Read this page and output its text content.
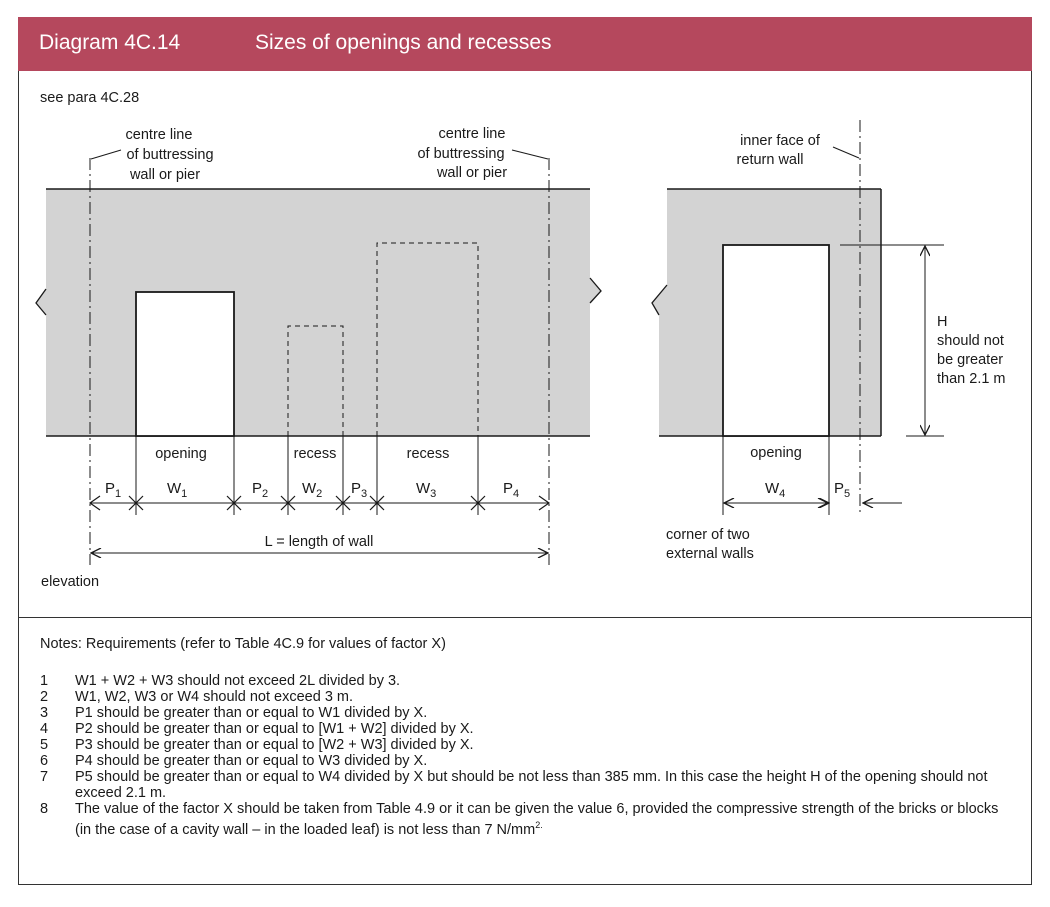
Diagram 4C.14	Sizes of openings and recesses
see para 4C.28
centre line of buttressing wall or pier
centre line of buttressing wall or pier
opening	recess	recess
$P_1$	$W_1$	$P_2$ $W_2$ $P_3$	$W_3$	$P_4$
L = length of wall
elevation
inner face of return wall
H should not be greater than 2.1 m
opening
$W_4$	$P_5$
corner of two external walls

Notes: Requirements (refer to Table 4C.9 for values of factor X)

1 W1 + W2 + W3 should not exceed 2L divided by 3.
2 W1, W2, W3 or W4 should not exceed 3 m.
3 P1 should be greater than or equal to W1 divided by X.
4 P2 should be greater than or equal to [W1 + W2] divided by X.
5 P3 should be greater than or equal to [W2 + W3] divided by X.
6 P4 should be greater than or equal to W3 divided by X.
7 P5 should be greater than or equal to W4 divided by X but should be not less than 385 mm. In this case the height H of the opening should not exceed 2.1 m.
8 The value of the factor X should be taken from Table 4.9 or it can be given the value 6, provided the compressive strength of the bricks or blocks (in the case of a cavity wall – in the loaded leaf) is not less than 7 $N/mm^{2.}$
